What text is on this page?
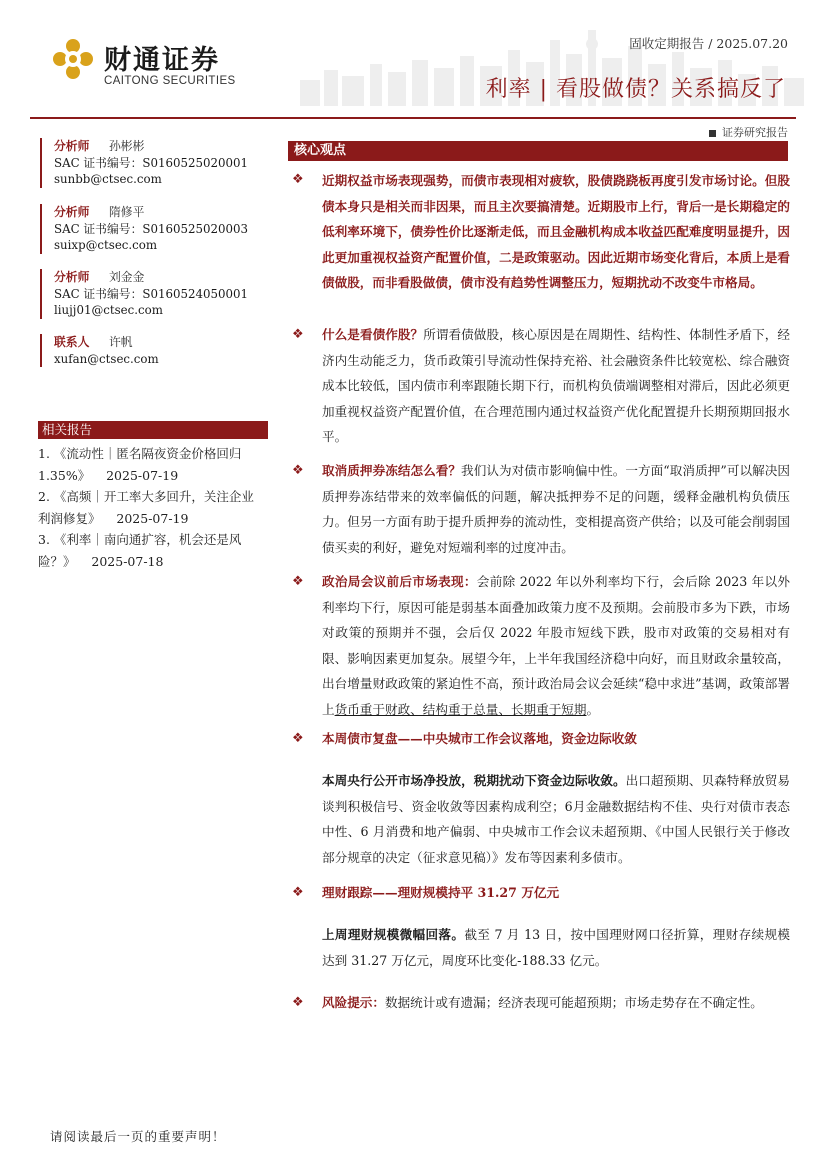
财通证券
CAITONG SECURITIES
固收定期报告 / 2025.07.20
利率 | 看股做债？关系搞反了
证券研究报告
分析师 孙彬彬
SAC 证书编号：S0160525020001
sunbb@ctsec.com
分析师 隋修平
SAC 证书编号：S0160525020003
suixp@ctsec.com
分析师 刘金金
SAC 证书编号：S0160524050001
liujj01@ctsec.com
联系人 许帆
xufan@ctsec.com
相关报告
1. 《流动性｜匿名隔夜资金价格回归
1.35%》    2025-07-19
2. 《高频｜开工率大多回升，关注企业
利润修复》    2025-07-19
3. 《利率｜南向通扩容，机会还是风
险？》    2025-07-18
核心观点
❖ 近期权益市场表现强势，而债市表现相对疲软，股债跷跷板再度引发市场讨论。但股债本身只是相关而非因果，而且主次要搞清楚。近期股市上行，背后一是长期稳定的低利率环境下，债券性价比逐渐走低，而且金融机构成本收益匹配难度明显提升，因此更加重视权益资产配置价值，二是政策驱动。因此近期市场变化背后，本质上是看债做股，而非看股做债，债市没有趋势性调整压力，短期扰动不改变牛市格局。
❖ 什么是看债作股？所谓看债做股，核心原因是在周期性、结构性、体制性矛盾下，经济内生动能乏力，货币政策引导流动性保持充裕、社会融资条件比较宽松、综合融资成本比较低，国内债市利率跟随长期下行，而机构负债端调整相对滞后，因此必须更加重视权益资产配置价值，在合理范围内通过权益资产优化配置提升长期预期回报水平。
❖ 取消质押券冻结怎么看？我们认为对债市影响偏中性。一方面“取消质押”可以解决因质押券冻结带来的效率偏低的问题，解决抵押券不足的问题，缓释金融机构负债压力。但另一方面有助于提升质押券的流动性，变相提高资产供给；以及可能会削弱国债买卖的利好，避免对短端利率的过度冲击。
❖ 政治局会议前后市场表现：会前除 2022 年以外利率均下行，会后除 2023 年以外利率均下行，原因可能是弱基本面叠加政策力度不及预期。会前股市多为下跌，市场对政策的预期并不强，会后仅 2022 年股市短线下跌，股市对政策的交易相对有限、影响因素更加复杂。展望今年，上半年我国经济稳中向好，而且财政余量较高，出台增量财政政策的紧迫性不高，预计政治局会议会延续“稳中求进”基调，政策部署上货币重于财政、结构重于总量、长期重于短期。
❖ 本周债市复盘——中央城市工作会议落地，资金边际收敛
本周央行公开市场净投放，税期扰动下资金边际收敛。出口超预期、贝森特释放贸易谈判积极信号、资金收敛等因素构成利空；6月金融数据结构不佳、央行对债市表态中性、6 月消费和地产偏弱、中央城市工作会议未超预期、《中国人民银行关于修改部分规章的决定（征求意见稿）》发布等因素利多债市。
❖ 理财跟踪——理财规模持平 31.27 万亿元
上周理财规模微幅回落。截至 7 月 13 日，按中国理财网口径折算，理财存续规模达到 31.27 万亿元，周度环比变化-188.33 亿元。
❖ 风险提示：数据统计或有遗漏；经济表现可能超预期；市场走势存在不确定性。
请阅读最后一页的重要声明！
